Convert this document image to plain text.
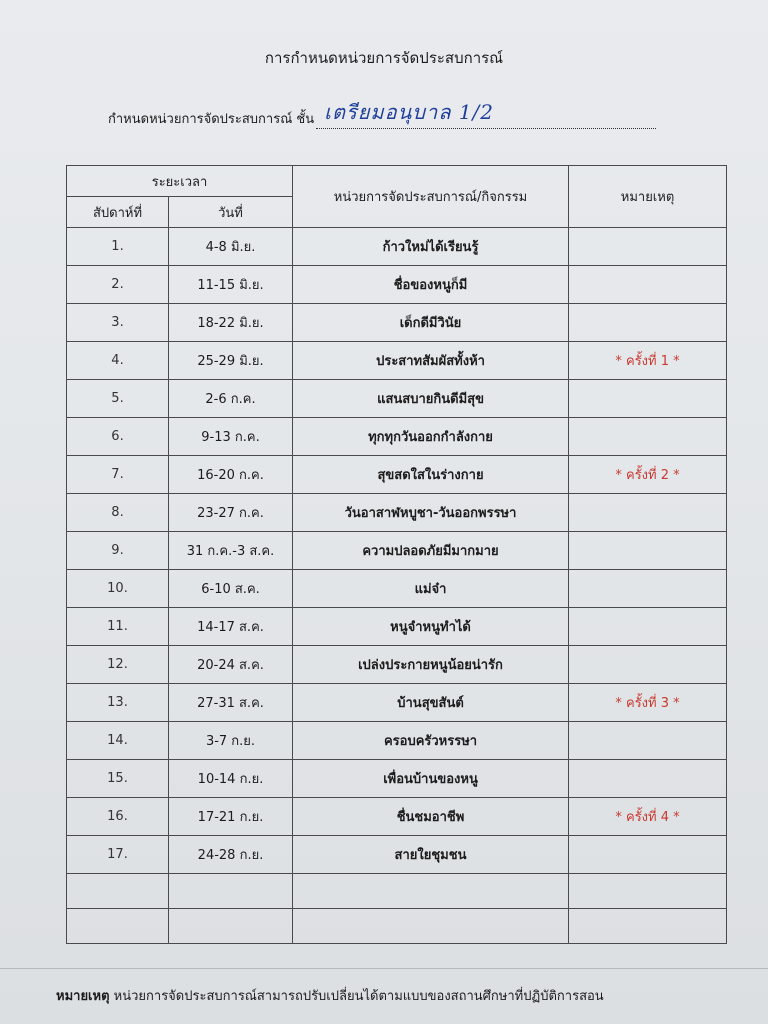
การกำหนดหน่วยการจัดประสบการณ์
กำหนดหน่วยการจัดประสบการณ์ ชั้น เตรียมอนุบาล 1/2
ระยะเวลา		หน่วยการจัดประสบการณ์/กิจกรรม	หมายเหตุ
สัปดาห์ที่	วันที่		
1.	4-8 มิ.ย.	ก้าวใหม่ได้เรียนรู้	
2.	11-15 มิ.ย.	ชื่อของหนูก็มี	
3.	18-22 มิ.ย.	เด็กดีมีวินัย	
4.	25-29 มิ.ย.	ประสาทสัมผัสทั้งห้า	* ครั้งที่ 1 *
5.	2-6 ก.ค.	แสนสบายกินดีมีสุข	
6.	9-13 ก.ค.	ทุกทุกวันออกกำลังกาย	
7.	16-20 ก.ค.	สุขสดใสในร่างกาย	* ครั้งที่ 2 *
8.	23-27 ก.ค.	วันอาสาฬหบูชา-วันออกพรรษา	
9.	31 ก.ค.-3 ส.ค.	ความปลอดภัยมีมากมาย	
10.	6-10 ส.ค.	แม่จ๋า	
11.	14-17 ส.ค.	หนูจำหนูทำได้	
12.	20-24 ส.ค.	เปล่งประกายหนูน้อยน่ารัก	
13.	27-31 ส.ค.	บ้านสุขสันต์	* ครั้งที่ 3 *
14.	3-7 ก.ย.	ครอบครัวหรรษา	
15.	10-14 ก.ย.	เพื่อนบ้านของหนู	
16.	17-21 ก.ย.	ชื่นชมอาชีพ	* ครั้งที่ 4 *
17.	24-28 ก.ย.	สายใยชุมชน	

หมายเหตุ หน่วยการจัดประสบการณ์สามารถปรับเปลี่ยนได้ตามแบบของสถานศึกษาที่ปฏิบัติการสอน
